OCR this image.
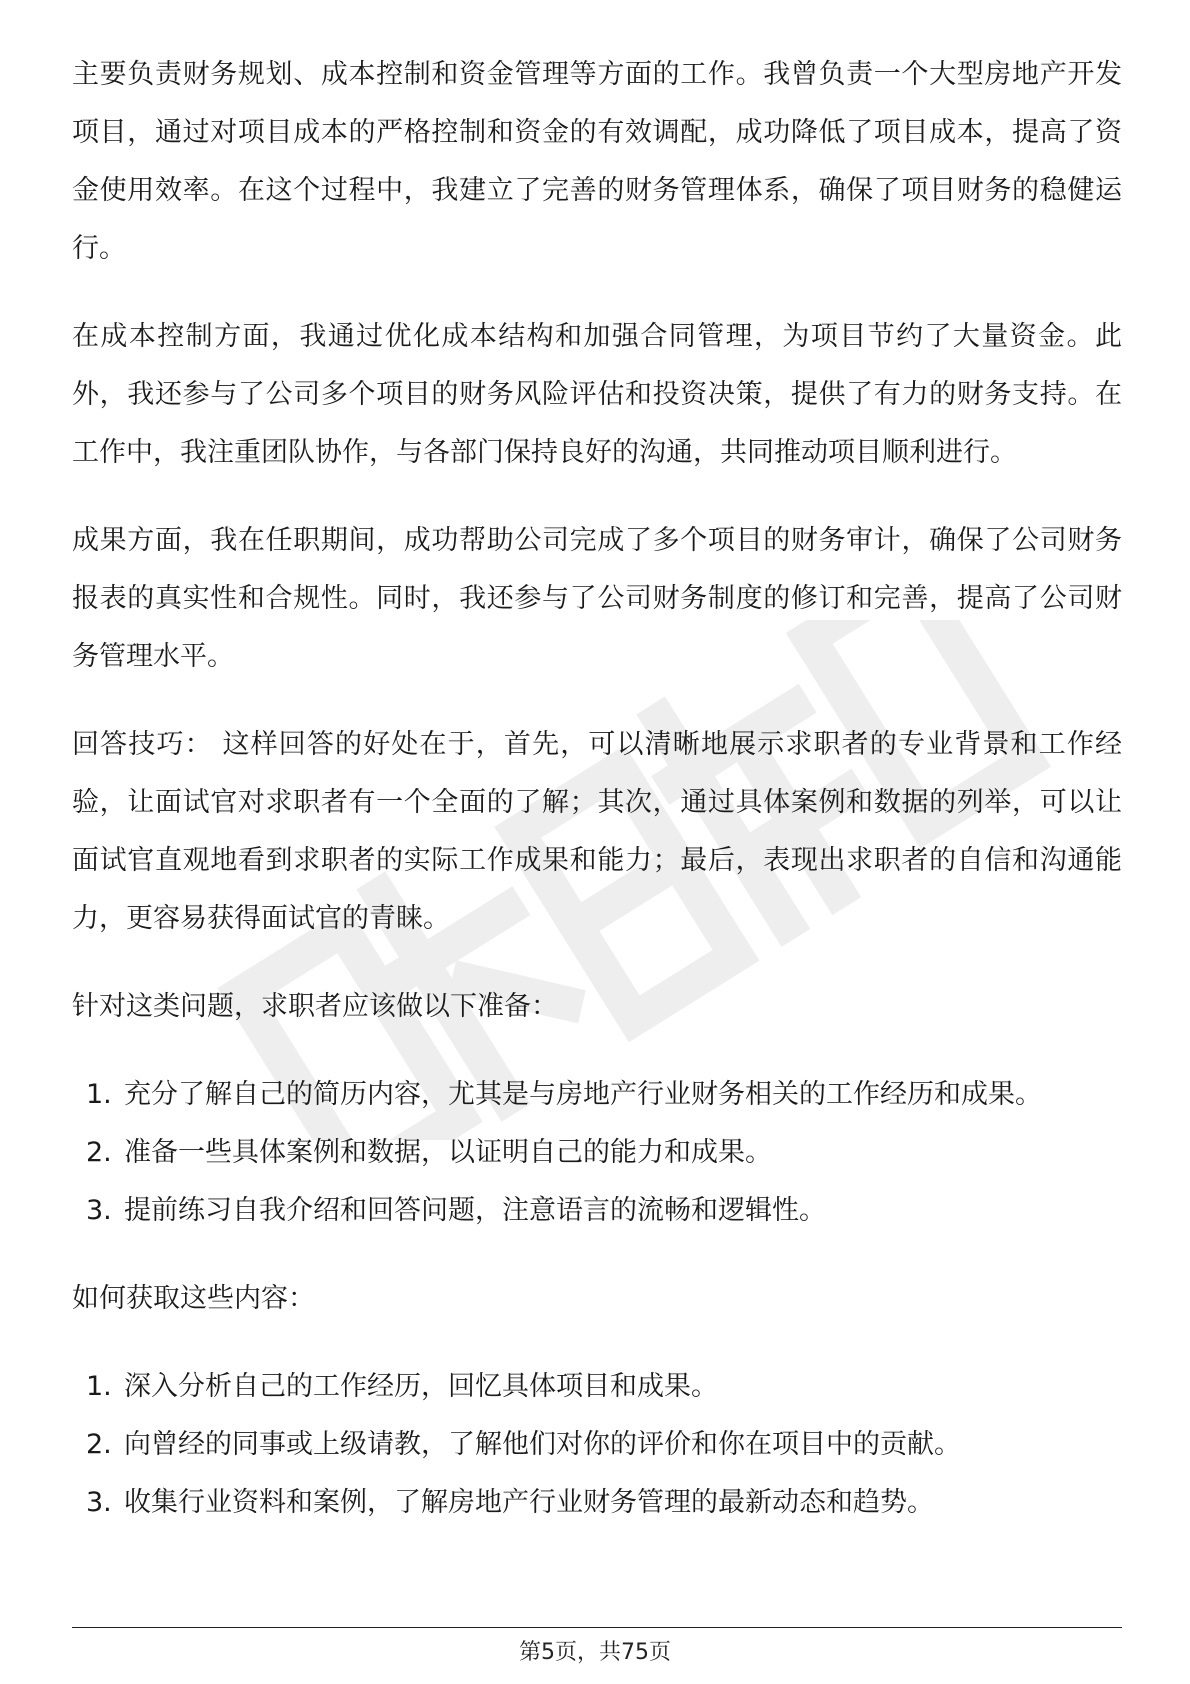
主要负责财务规划、成本控制和资金管理等方面的工作。我曾负责一个大型房地产开发项目，通过对项目成本的严格控制和资金的有效调配，成功降低了项目成本，提高了资金使用效率。在这个过程中，我建立了完善的财务管理体系，确保了项目财务的稳健运行。

在成本控制方面，我通过优化成本结构和加强合同管理，为项目节约了大量资金。此外，我还参与了公司多个项目的财务风险评估和投资决策，提供了有力的财务支持。在工作中，我注重团队协作，与各部门保持良好的沟通，共同推动项目顺利进行。

成果方面，我在任职期间，成功帮助公司完成了多个项目的财务审计，确保了公司财务报表的真实性和合规性。同时，我还参与了公司财务制度的修订和完善，提高了公司财务管理水平。

回答技巧： 这样回答的好处在于，首先，可以清晰地展示求职者的专业背景和工作经验，让面试官对求职者有一个全面的了解；其次，通过具体案例和数据的列举，可以让面试官直观地看到求职者的实际工作成果和能力；最后，表现出求职者的自信和沟通能力，更容易获得面试官的青睐。

针对这类问题，求职者应该做以下准备：

1. 充分了解自己的简历内容，尤其是与房地产行业财务相关的工作经历和成果。
2. 准备一些具体案例和数据，以证明自己的能力和成果。
3. 提前练习自我介绍和回答问题，注意语言的流畅和逻辑性。

如何获取这些内容：

1. 深入分析自己的工作经历，回忆具体项目和成果。
2. 向曾经的同事或上级请教，了解他们对你的评价和你在项目中的贡献。
3. 收集行业资料和案例，了解房地产行业财务管理的最新动态和趋势。
第5页，共75页
